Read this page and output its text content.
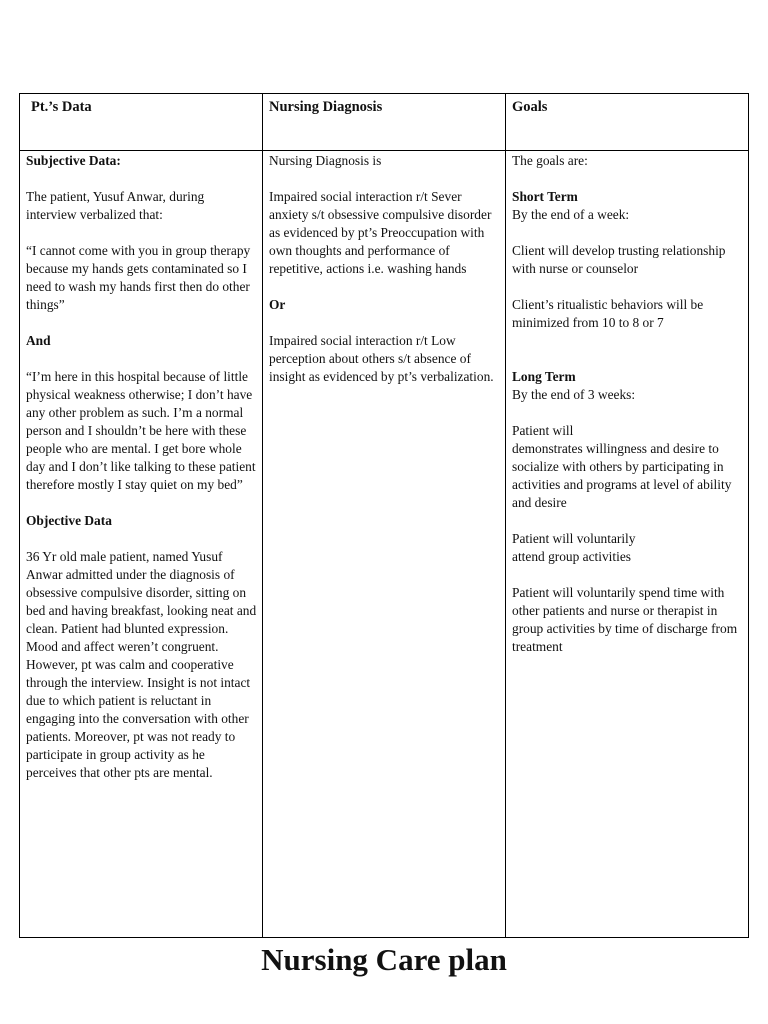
Pt.’s Data

Subjective Data:

The patient, Yusuf Anwar, during interview verbalized that:

“I cannot come with you in group therapy because my hands gets contaminated so I need to wash my hands first then do other things”

And

“I’m here in this hospital because of little physical weakness otherwise; I don’t have any other problem as such. I’m a normal person and I shouldn’t be here with these people who are mental. I get bore whole day and I don’t like talking to these patient therefore mostly I stay quiet on my bed”

Objective Data

36 Yr old male patient, named Yusuf Anwar admitted under the diagnosis of obsessive compulsive disorder, sitting on bed and having breakfast, looking neat and clean. Patient had blunted expression. Mood and affect weren’t congruent. However, pt was calm and cooperative through the interview. Insight is not intact due to which patient is reluctant in engaging into the conversation with other patients. Moreover, pt was not ready to participate in group activity as he perceives that other pts are mental.

Nursing Diagnosis

Nursing Diagnosis is

Impaired social interaction r/t Sever anxiety s/t obsessive compulsive disorder as evidenced by pt’s Preoccupation with own thoughts and performance of repetitive, actions i.e. washing hands

Or

Impaired social interaction r/t Low perception about others s/t absence of insight as evidenced by pt’s verbalization.

Goals

The goals are:

Short Term

By the end of a week:

Client will develop trusting relationship with nurse or counselor

Client’s ritualistic behaviors will be minimized from 10 to 8 or 7

Long Term

By the end of 3 weeks:

Patient will

demonstrates willingness and desire to socialize with others by participating in activities and programs at level of ability and desire

Patient will voluntarily

attend group activities

Patient will voluntarily spend time with other patients and nurse or therapist in group activities by time of discharge from treatment

Nursing Care plan
